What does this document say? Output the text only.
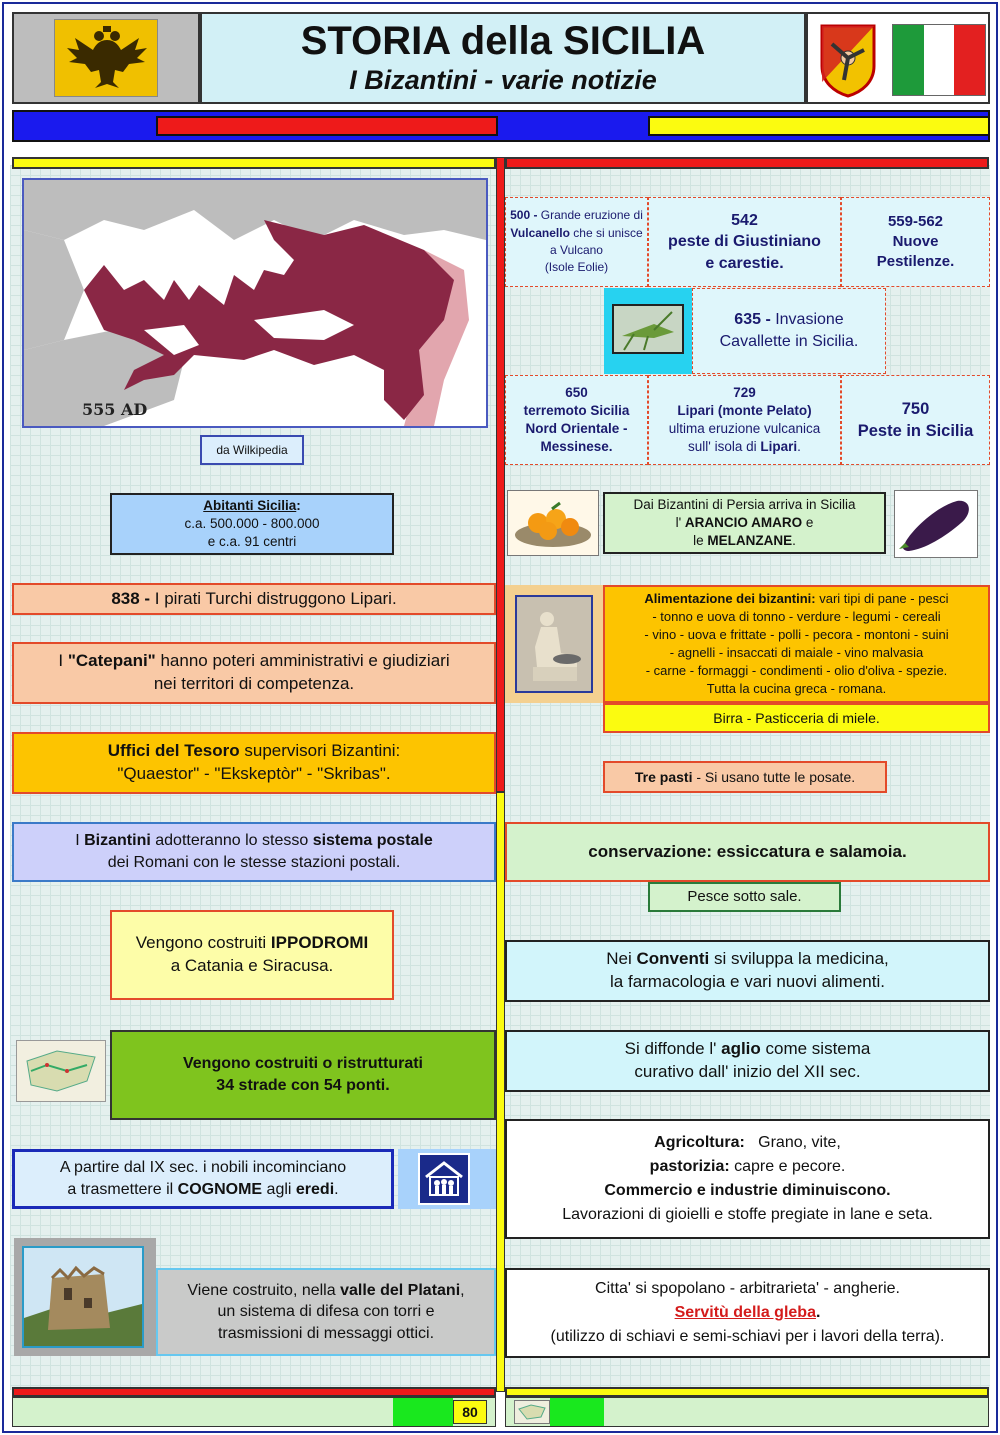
STORIA della SICILIA
I Bizantini - varie notizie
555 AD
da Wilkipedia
Abitanti Sicilia:
c.a. 500.000 - 800.000
e c.a. 91 centri
838 - I pirati Turchi distruggono Lipari.
I "Catepani" hanno poteri amministrativi e giudiziari
nei territori di competenza.
Uffici del Tesoro supervisori Bizantini:
"Quaestor" - "Ekskeptòr" - "Skribas".
I Bizantini adotteranno lo stesso sistema postale
dei Romani con le stesse stazioni postali.
Vengono costruiti IPPODROMI
a Catania e Siracusa.
Vengono costruiti o ristrutturati
34 strade con 54 ponti.
A partire dal IX sec. i nobili incominciano
a trasmettere il COGNOME agli eredi.
Viene costruito, nella valle del Platani,
un sistema di difesa con torri e
trasmissioni di messaggi ottici.
500 - Grande eruzione di Vulcanello che si unisce a Vulcano
(Isole Eolie)
542
peste di Giustiniano
e carestie.
559-562
Nuove
Pestilenze.
635 - Invasione
Cavallette in Sicilia.
650
terremoto Sicilia
Nord Orientale -
Messinese.
729
Lipari (monte Pelato)
ultima eruzione vulcanica
sull' isola di Lipari.
750
Peste in Sicilia
Dai Bizantini di Persia arriva in Sicilia
l' ARANCIO AMARO e
le MELANZANE.
Alimentazione dei bizantini: vari tipi di pane - pesci
- tonno e uova di tonno - verdure - legumi - cereali
- vino - uova e frittate - polli - pecora - montoni - suini
- agnelli - insaccati di maiale - vino malvasia
- carne - formaggi - condimenti - olio d'oliva - spezie.
Tutta la cucina greca - romana.
Birra - Pasticceria di miele.
Tre pasti - Si usano tutte le posate.
conservazione: essiccatura e salamoia.
Pesce sotto sale.
Nei Conventi si sviluppa la medicina,
la farmacologia e vari nuovi alimenti.
Si diffonde l' aglio come sistema
curativo dall' inizio del XII sec.
Agricoltura:   Grano, vite,
pastorizia: capre e pecore.
Commercio e industrie diminuiscono.
Lavorazioni di gioielli e stoffe pregiate in lane e seta.
Citta' si spopolano - arbitrarieta' - angherie.
Servitù della gleba.
(utilizzo di schiavi e semi-schiavi per i lavori della terra).
80
